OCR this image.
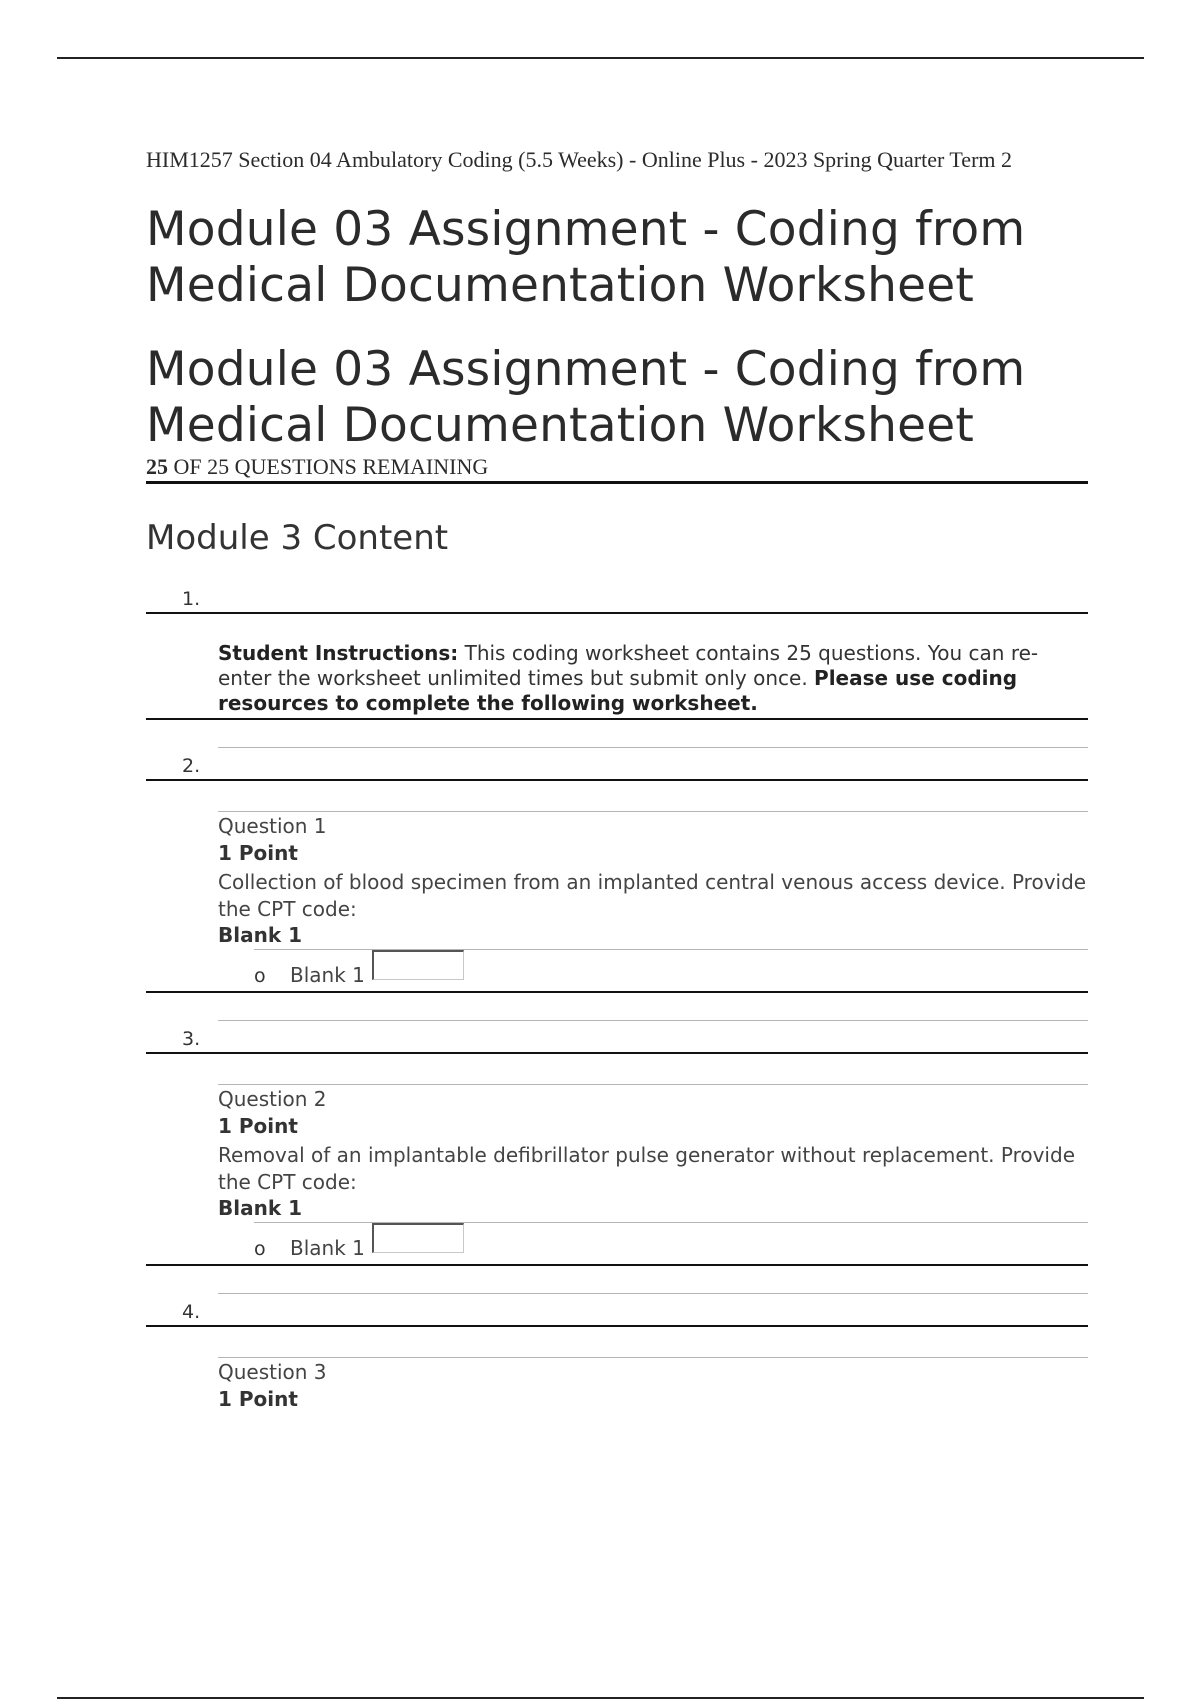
HIM1257 Section 04 Ambulatory Coding (5.5 Weeks) - Online Plus - 2023 Spring Quarter Term 2

Module 03 Assignment - Coding from Medical Documentation Worksheet
Module 03 Assignment - Coding from Medical Documentation Worksheet
25 OF 25 QUESTIONS REMAINING
Module 3 Content
1.

Student Instructions: This coding worksheet contains 25 questions. You can re-enter the worksheet unlimited times but submit only once. Please use coding resources to complete the following worksheet.

2.

Question 1

1 Point

Collection of blood specimen from an implanted central venous access device. Provide the CPT code:

Blank 1

o Blank 1
3.

Question 2

1 Point

Removal of an implantable defibrillator pulse generator without replacement. Provide the CPT code:

Blank 1

o Blank 1
4.

Question 3

1 Point
